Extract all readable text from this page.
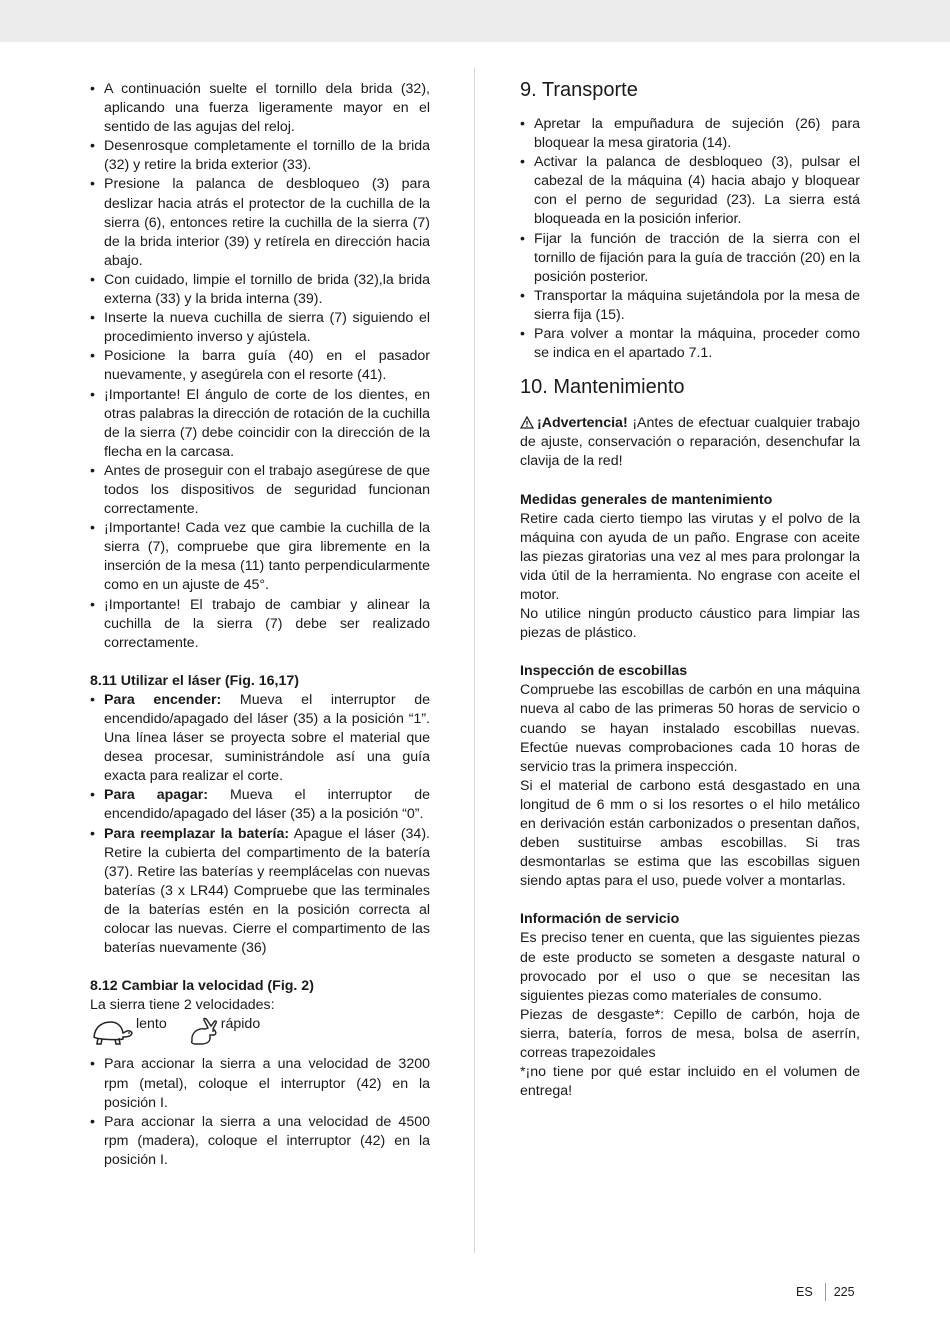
• A continuación suelte el tornillo dela brida (32), aplicando una fuerza ligeramente mayor en el sentido de las agujas del reloj.
• Desenrosque completamente el tornillo de la brida (32) y retire la brida exterior (33).
• Presione la palanca de desbloqueo (3) para deslizar hacia atrás el protector de la cuchilla de la sierra (6), entonces retire la cuchilla de la sierra (7) de la brida interior (39) y retírela en dirección hacia abajo.
• Con cuidado, limpie el tornillo de brida (32),la brida externa (33) y la brida interna (39).
• Inserte la nueva cuchilla de sierra (7) siguiendo el procedimiento inverso y ajústela.
• Posicione la barra guía (40) en el pasador nuevamente, y asegúrela con el resorte (41).
• ¡Importante! El ángulo de corte de los dientes, en otras palabras la dirección de rotación de la cuchilla de la sierra (7) debe coincidir con la dirección de la flecha en la carcasa.
• Antes de proseguir con el trabajo asegúrese de que todos los dispositivos de seguridad funcionan correctamente.
• ¡Importante! Cada vez que cambie la cuchilla de la sierra (7), compruebe que gira libremente en la inserción de la mesa (11) tanto perpendicularmente como en un ajuste de 45°.
• ¡Importante! El trabajo de cambiar y alinear la cuchilla de la sierra (7) debe ser realizado correctamente.

8.11 Utilizar el láser (Fig. 16,17)

• Para encender: Mueva el interruptor de encendido/apagado del láser (35) a la posición “1”. Una línea láser se proyecta sobre el material que desea procesar, suministrándole así una guía exacta para realizar el corte.
• Para apagar: Mueva el interruptor de encendido/apagado del láser (35) a la posición “0”.
• Para reemplazar la batería: Apague el láser (34). Retire la cubierta del compartimento de la batería (37). Retire las baterías y reemplácelas con nuevas baterías (3 x LR44) Compruebe que las terminales de la baterías estén en la posición correcta al colocar las nuevas. Cierre el compartimento de las baterías nuevamente (36)

8.12 Cambiar la velocidad (Fig. 2)

La sierra tiene 2 velocidades:

lento	rápido
• Para accionar la sierra a una velocidad de 3200 rpm (metal), coloque el interruptor (42) en la posición I.
• Para accionar la sierra a una velocidad de 4500 rpm (madera), coloque el interruptor (42) en la posición I.
9. Transporte
• Apretar la empuñadura de sujeción (26) para bloquear la mesa giratoria (14).
• Activar la palanca de desbloqueo (3), pulsar el cabezal de la máquina (4) hacia abajo y bloquear con el perno de seguridad (23). La sierra está bloqueada en la posición inferior.
• Fijar la función de tracción de la sierra con el tornillo de fijación para la guía de tracción (20) en la posición posterior.
• Transportar la máquina sujetándola por la mesa de sierra fija (15).
• Para volver a montar la máquina, proceder como se indica en el apartado 7.1.
10. Mantenimiento

¡Advertencia! ¡Antes de efectuar cualquier trabajo de ajuste, conservación o reparación, desenchufar la clavija de la red!

Medidas generales de mantenimiento

Retire cada cierto tiempo las virutas y el polvo de la máquina con ayuda de un paño. Engrase con aceite las piezas giratorias una vez al mes para prolongar la vida útil de la herramienta. No engrase con aceite el motor.

No utilice ningún producto cáustico para limpiar las piezas de plástico.

Inspección de escobillas

Compruebe las escobillas de carbón en una máquina nueva al cabo de las primeras 50 horas de servicio o cuando se hayan instalado escobillas nuevas. Efectúe nuevas comprobaciones cada 10 horas de servicio tras la primera inspección.

Si el material de carbono está desgastado en una longitud de 6 mm o si los resortes o el hilo metálico en derivación están carbonizados o presentan daños, deben sustituirse ambas escobillas. Si tras desmontarlas se estima que las escobillas siguen siendo aptas para el uso, puede volver a montarlas.

Información de servicio

Es preciso tener en cuenta, que las siguientes piezas de este producto se someten a desgaste natural o provocado por el uso o que se necesitan las siguientes piezas como materiales de consumo.

Piezas de desgaste*: Cepillo de carbón, hoja de sierra, batería, forros de mesa, bolsa de aserrín, correas trapezoidales

*¡no tiene por qué estar incluido en el volumen de entrega!

ES 225
